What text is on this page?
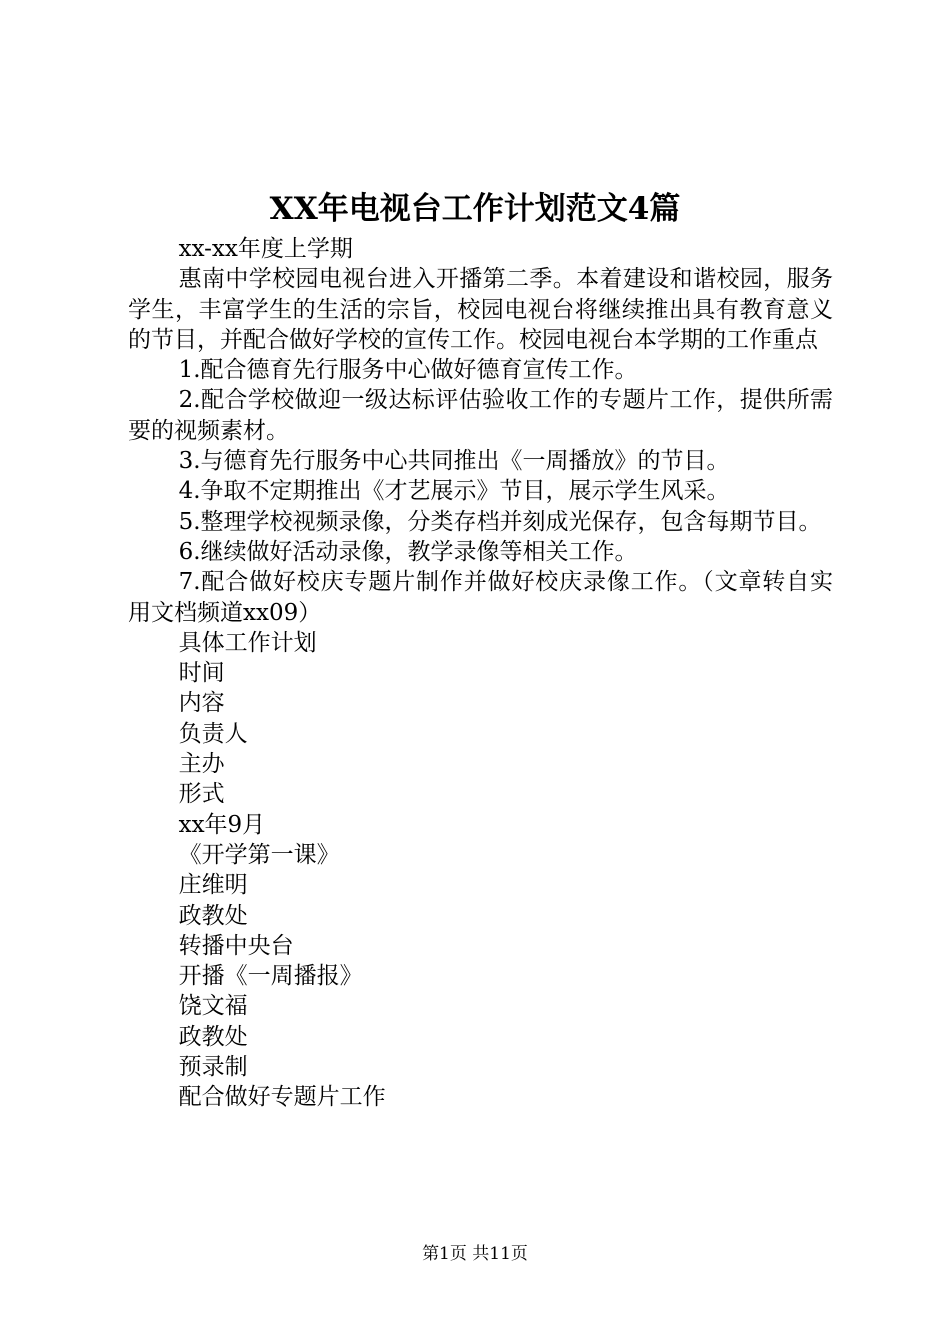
XX年电视台工作计划范文4篇

xx-xx年度上学期

惠南中学校园电视台进入开播第二季。本着建设和谐校园，服务学生，丰富学生的生活的宗旨，校园电视台将继续推出具有教育意义的节目，并配合做好学校的宣传工作。校园电视台本学期的工作重点

1.配合德育先行服务中心做好德育宣传工作。

2.配合学校做迎一级达标评估验收工作的专题片工作，提供所需要的视频素材。

3.与德育先行服务中心共同推出《一周播放》的节目。

4.争取不定期推出《才艺展示》节目，展示学生风采。

5.整理学校视频录像，分类存档并刻成光保存，包含每期节目。

6.继续做好活动录像，教学录像等相关工作。

7.配合做好校庆专题片制作并做好校庆录像工作。（文章转自实用文档频道xx09）

具体工作计划

时间

内容

负责人

主办

形式

xx年9月

《开学第一课》

庄维明

政教处

转播中央台

开播《一周播报》

饶文福

政教处

预录制

配合做好专题片工作

第1页 共11页
